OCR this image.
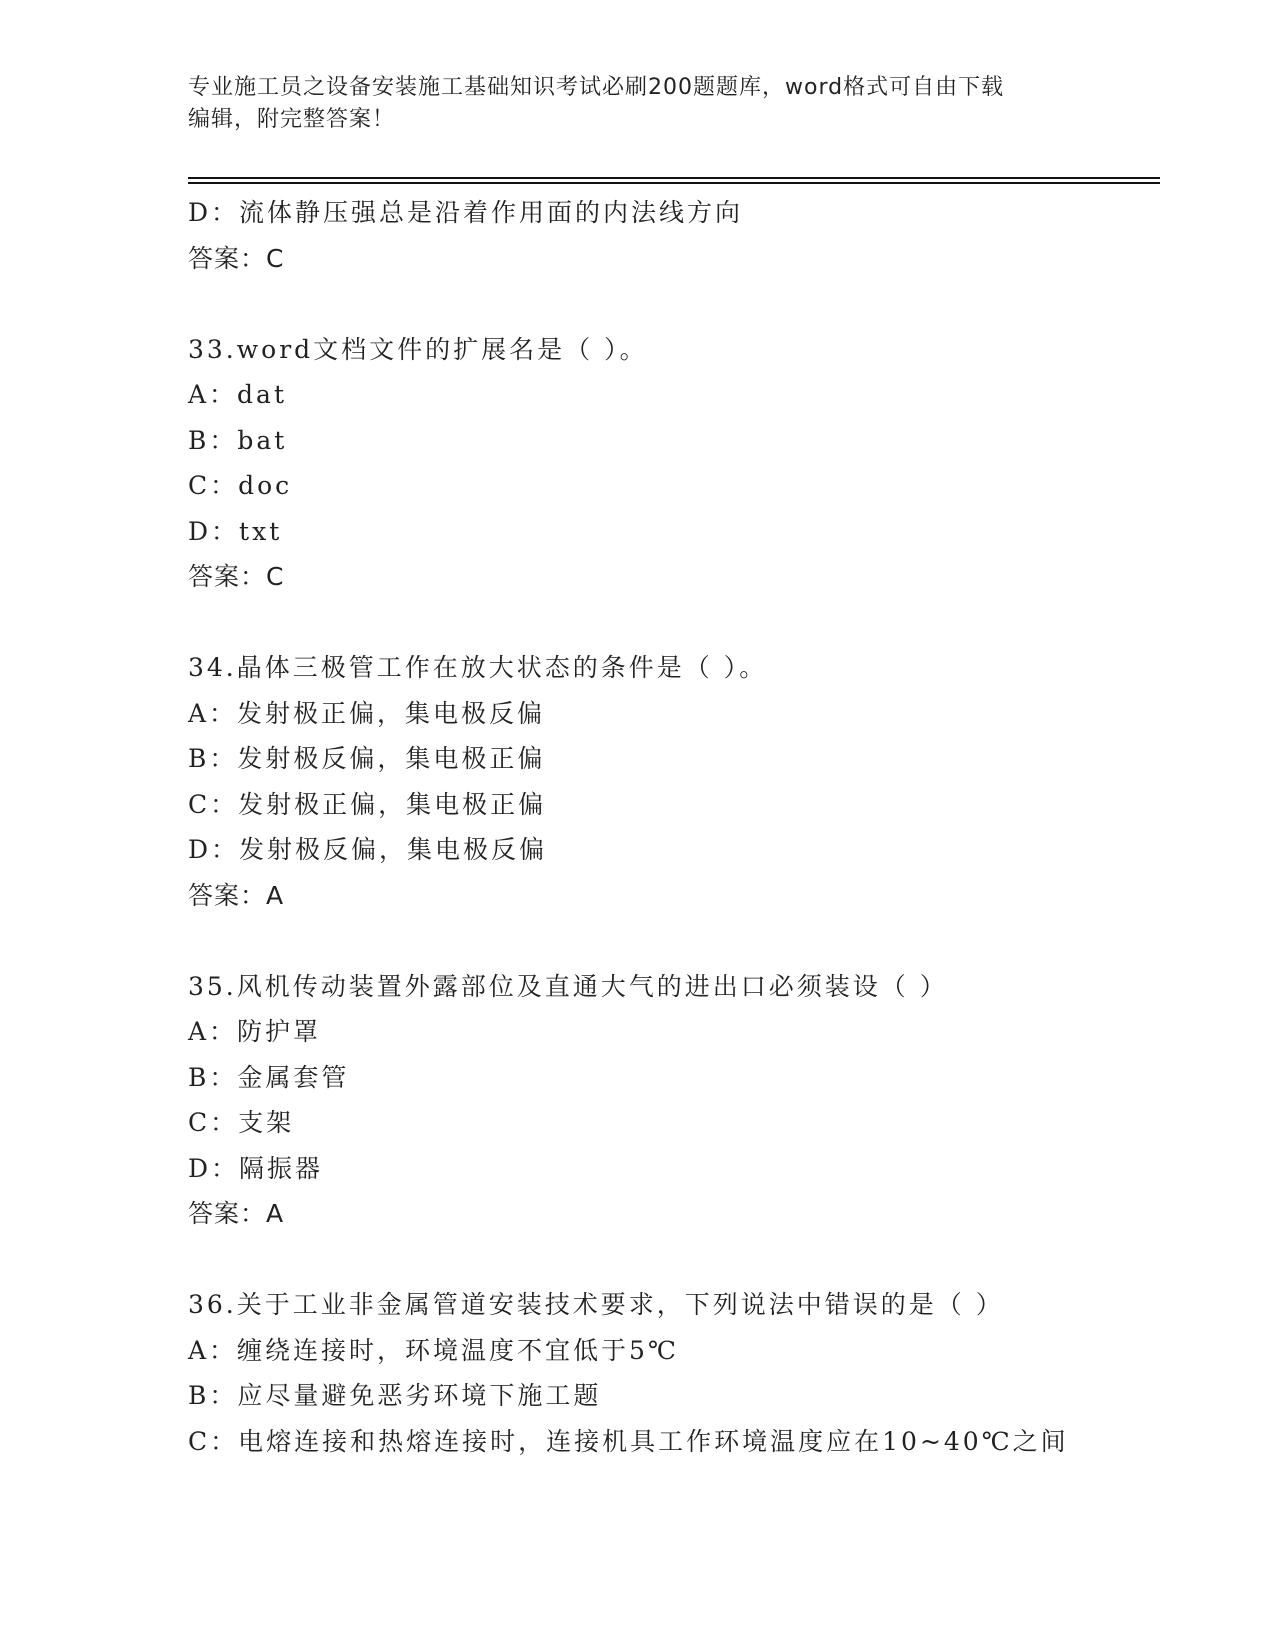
专业施工员之设备安装施工基础知识考试必刷200题题库，word格式可自由下载
编辑，附完整答案！
D：流体静压强总是沿着作用面的内法线方向
答案：C
33.word文档文件的扩展名是（ ）。
A：dat
B：bat
C：doc
D：txt
答案：C
34.晶体三极管工作在放大状态的条件是（ ）。
A：发射极正偏，集电极反偏
B：发射极反偏，集电极正偏
C：发射极正偏，集电极正偏
D：发射极反偏，集电极反偏
答案：A
35.风机传动装置外露部位及直通大气的进出口必须装设（ ）
A：防护罩
B：金属套管
C：支架
D：隔振器
答案：A
36.关于工业非金属管道安装技术要求，下列说法中错误的是（ ）
A：缠绕连接时，环境温度不宜低于5℃
B：应尽量避免恶劣环境下施工题
C：电熔连接和热熔连接时，连接机具工作环境温度应在10~40℃之间
